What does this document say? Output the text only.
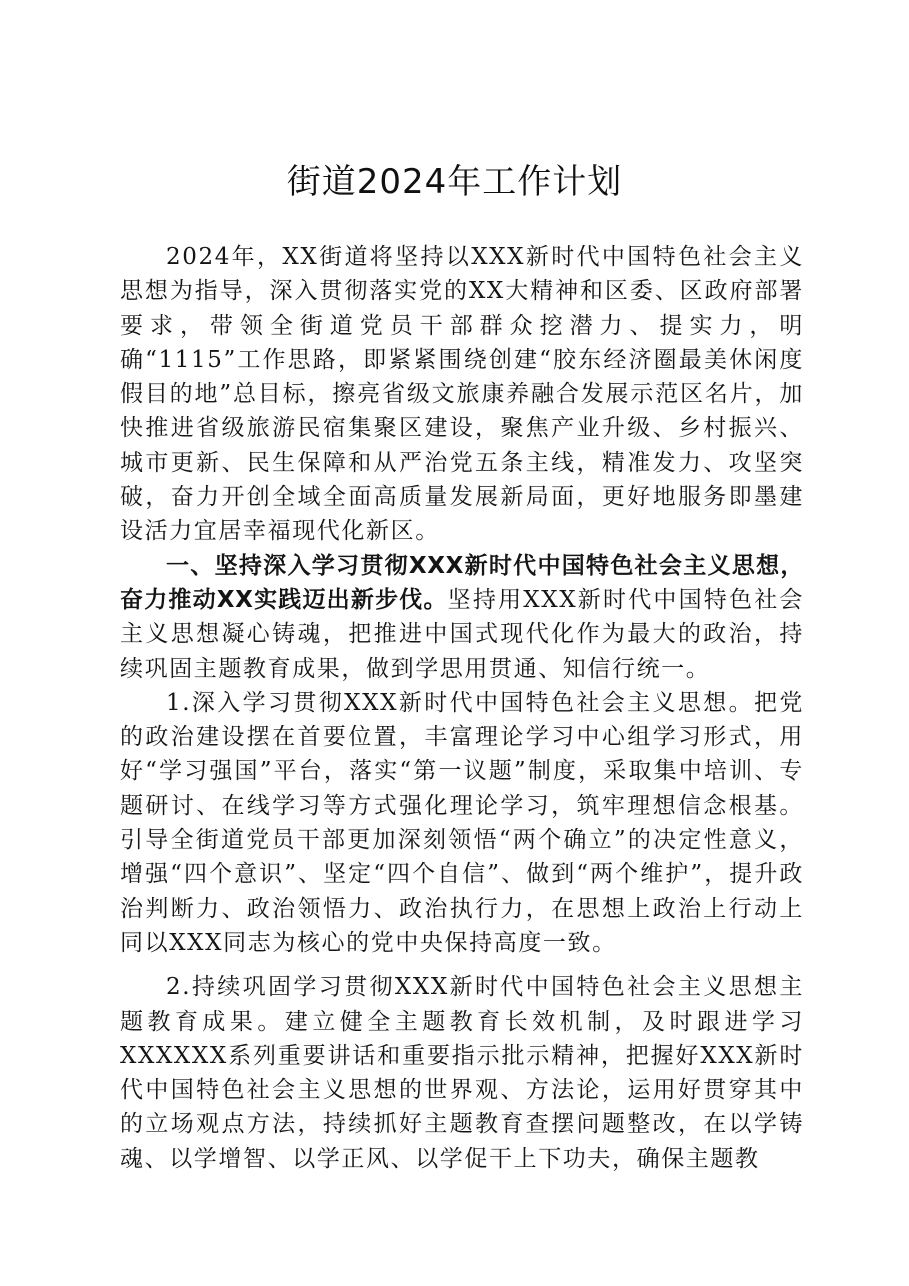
街道2024年工作计划

2024年，XX街道将坚持以XXX新时代中国特色社会主义思想为指导，深入贯彻落实党的XX大精神和区委、区政府部署要求，带领全街道党员干部群众挖潜力、提实力，明确“1115”工作思路，即紧紧围绕创建“胶东经济圈最美休闲度假目的地”总目标，擦亮省级文旅康养融合发展示范区名片，加快推进省级旅游民宿集聚区建设，聚焦产业升级、乡村振兴、城市更新、民生保障和从严治党五条主线，精准发力、攻坚突破，奋力开创全域全面高质量发展新局面，更好地服务即墨建设活力宜居幸福现代化新区。

一、坚持深入学习贯彻XXX新时代中国特色社会主义思想，奋力推动XX实践迈出新步伐。坚持用XXX新时代中国特色社会主义思想凝心铸魂，把推进中国式现代化作为最大的政治，持续巩固主题教育成果，做到学思用贯通、知信行统一。

1.深入学习贯彻XXX新时代中国特色社会主义思想。把党的政治建设摆在首要位置，丰富理论学习中心组学习形式，用好“学习强国”平台，落实“第一议题”制度，采取集中培训、专题研讨、在线学习等方式强化理论学习，筑牢理想信念根基。引导全街道党员干部更加深刻领悟“两个确立”的决定性意义，增强“四个意识”、坚定“四个自信”、做到“两个维护”，提升政治判断力、政治领悟力、政治执行力，在思想上政治上行动上同以XXX同志为核心的党中央保持高度一致。

2.持续巩固学习贯彻XXX新时代中国特色社会主义思想主题教育成果。建立健全主题教育长效机制，及时跟进学习XXXXXX系列重要讲话和重要指示批示精神，把握好XXX新时代中国特色社会主义思想的世界观、方法论，运用好贯穿其中的立场观点方法，持续抓好主题教育查摆问题整改，在以学铸魂、以学增智、以学正风、以学促干上下功夫，确保主题教
